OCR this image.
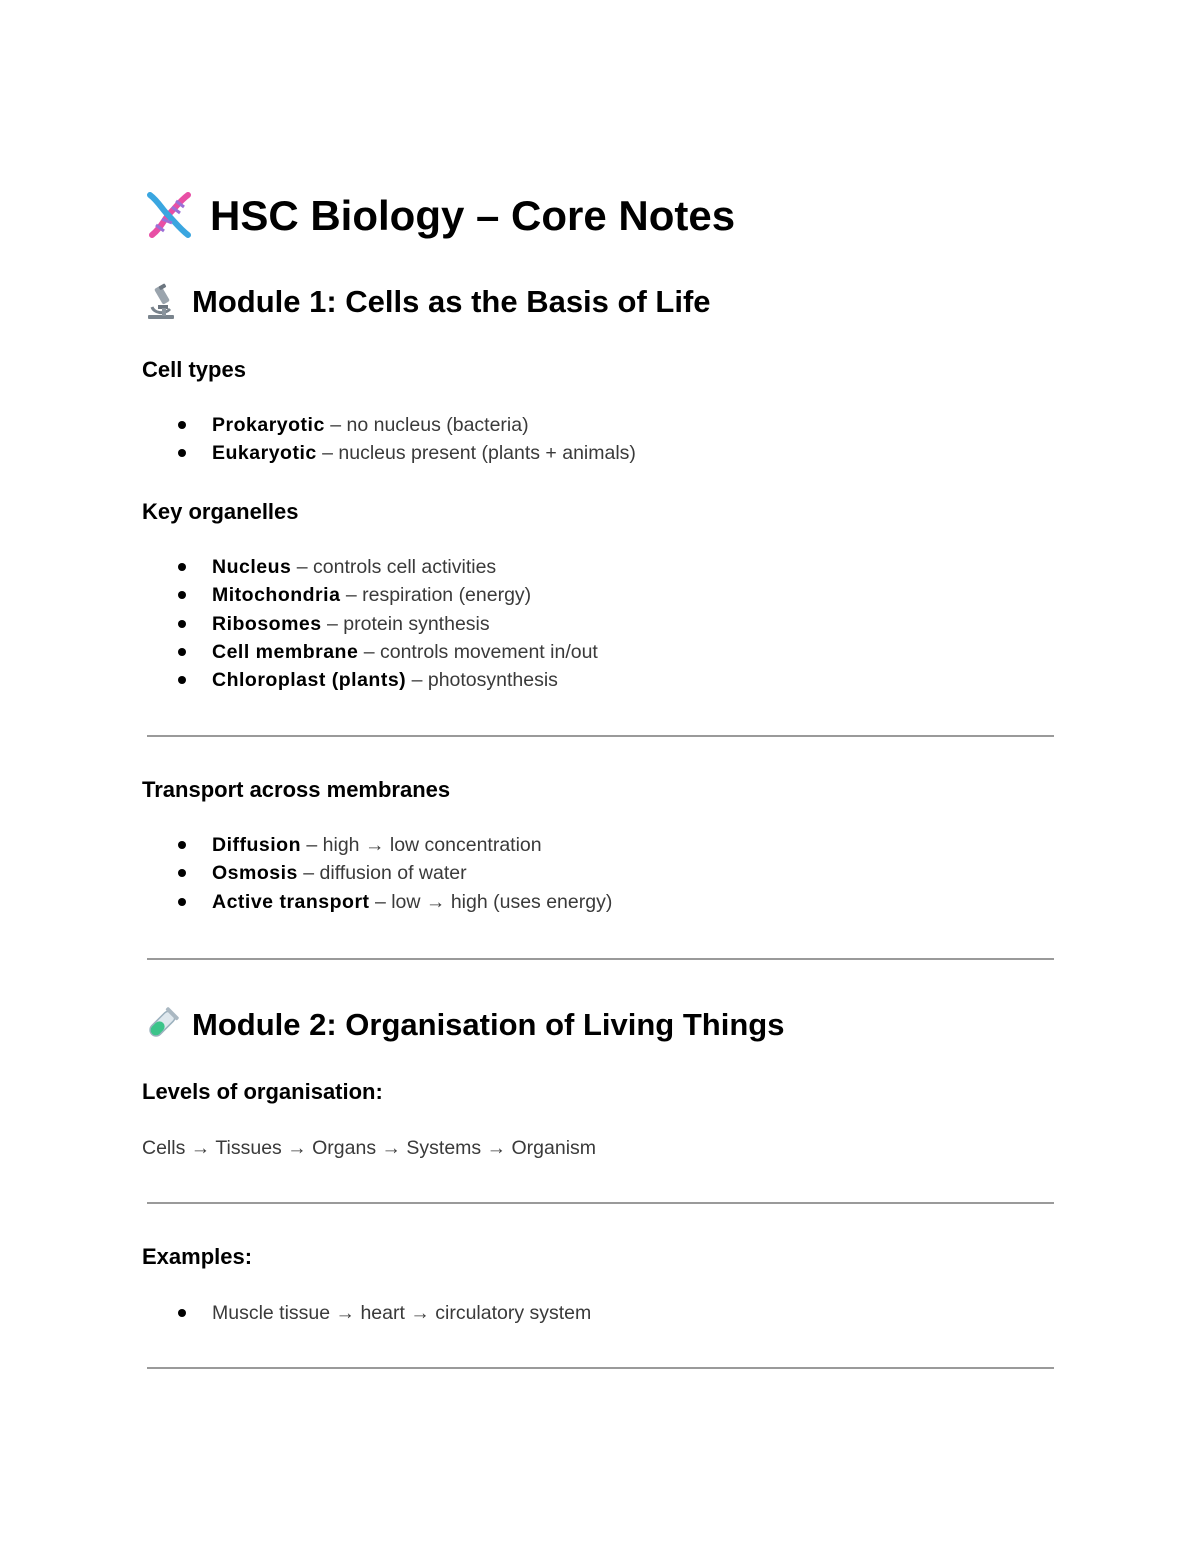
HSC Biology – Core Notes
Module 1: Cells as the Basis of Life
Cell types
Prokaryotic – no nucleus (bacteria)
Eukaryotic – nucleus present (plants + animals)
Key organelles
Nucleus – controls cell activities
Mitochondria – respiration (energy)
Ribosomes – protein synthesis
Cell membrane – controls movement in/out
Chloroplast (plants) – photosynthesis
Transport across membranes
Diffusion – high → low concentration
Osmosis – diffusion of water
Active transport – low → high (uses energy)
Module 2: Organisation of Living Things
Levels of organisation:
Cells → Tissues → Organs → Systems → Organism
Examples:
Muscle tissue → heart → circulatory system
